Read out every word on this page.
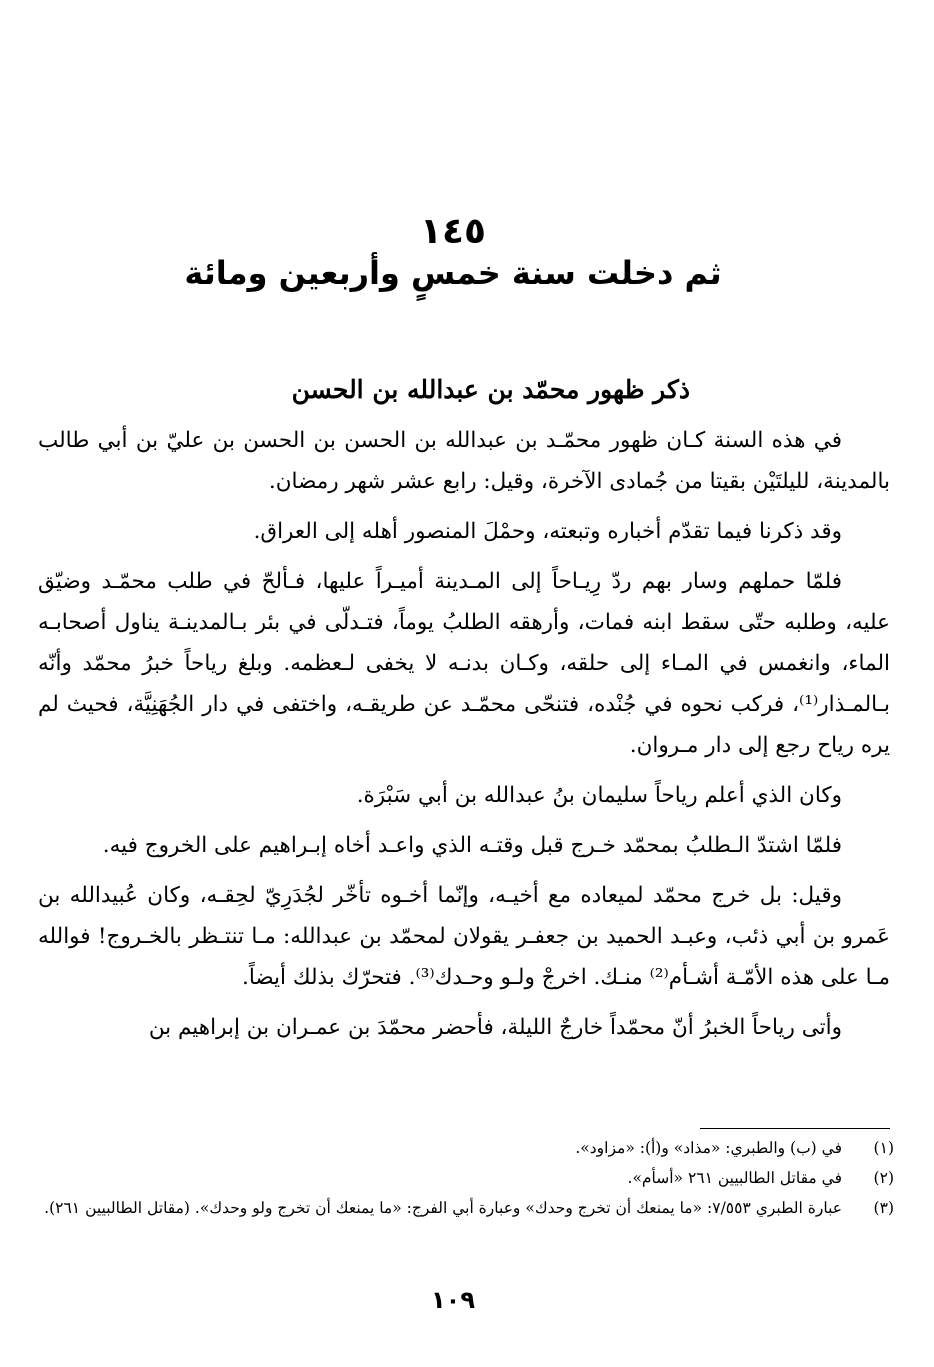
١٤٥
ثم دخلت سنة خمسٍ وأربعين ومائة
ذكر ظهور محمّد بن عبدالله بن الحسن

في هذه السنة كـان ظهور محمّـد بن عبدالله بن الحسن بن الحسن بن عليّ بن أبي طالب بالمدينة، لليلتَيْن بقيتا من جُمادى الآخرة، وقيل: رابع عشر شهر رمضان.

وقد ذكرنا فيما تقدّم أخباره وتبعته، وحمْلَ المنصور أهله إلى العراق.

فلمّا حملهم وسار بهم ردّ رِيـاحاً إلى المـدينة أميـراً عليها، فـألحّ في طلب محمّـد وضيّق عليه، وطلبه حتّى سقط ابنه فمات، وأرهقه الطلبُ يوماً، فتـدلّى في بئر بـالمدينـة يناول أصحابـه الماء، وانغمس في المـاء إلى حلقه، وكـان بدنـه لا يخفى لـعظمه. وبلغ رياحاً خبرُ محمّد وأنّه بـالمـذار⁽¹⁾، فركب نحوه في جُنْده، فتنحّى محمّـد عن طريقـه، واختفى في دار الجُهَنِيَّة، فحيث لم يره رياح رجع إلى دار مـروان.

وكان الذي أعلم رياحاً سليمان بنُ عبدالله بن أبي سَبْرَة.

فلمّا اشتدّ الـطلبُ بمحمّد خـرج قبل وقتـه الذي واعـد أخاه إبـراهيم على الخروج فيه.

وقيل: بل خرج محمّد لميعاده مع أخيـه، وإنّما أخـوه تأخّر لجُدَرِيّ لحِقـه، وكان عُبيدالله بن عَمرو بن أبي ذئب، وعبـد الحميد بن جعفـر يقولان لمحمّد بن عبدالله: مـا تنتـظر بالخـروج! فوالله مـا على هذه الأمّـة أشـأم⁽²⁾ منـك. اخرجْ ولـو وحـدك⁽³⁾. فتحرّك بذلك أيضاً.

وأتى رياحاً الخبرُ أنّ محمّداً خارجٌ الليلة، فأحضر محمّدَ بن عمـران بن إبراهيم بن

(١)
في (ب) والطبري: «مذاد» و(أ): «مزاود».
(٢)
في مقاتل الطالبيين ٢٦١ «أسأم».
(٣)
عبارة الطبري ٧/٥٥٣: «ما يمنعك أن تخرج وحدك» وعبارة أبي الفرج: «ما يمنعك أن تخرج ولو وحدك». (مقاتل الطالبيين ٢٦١).
١٠٩
